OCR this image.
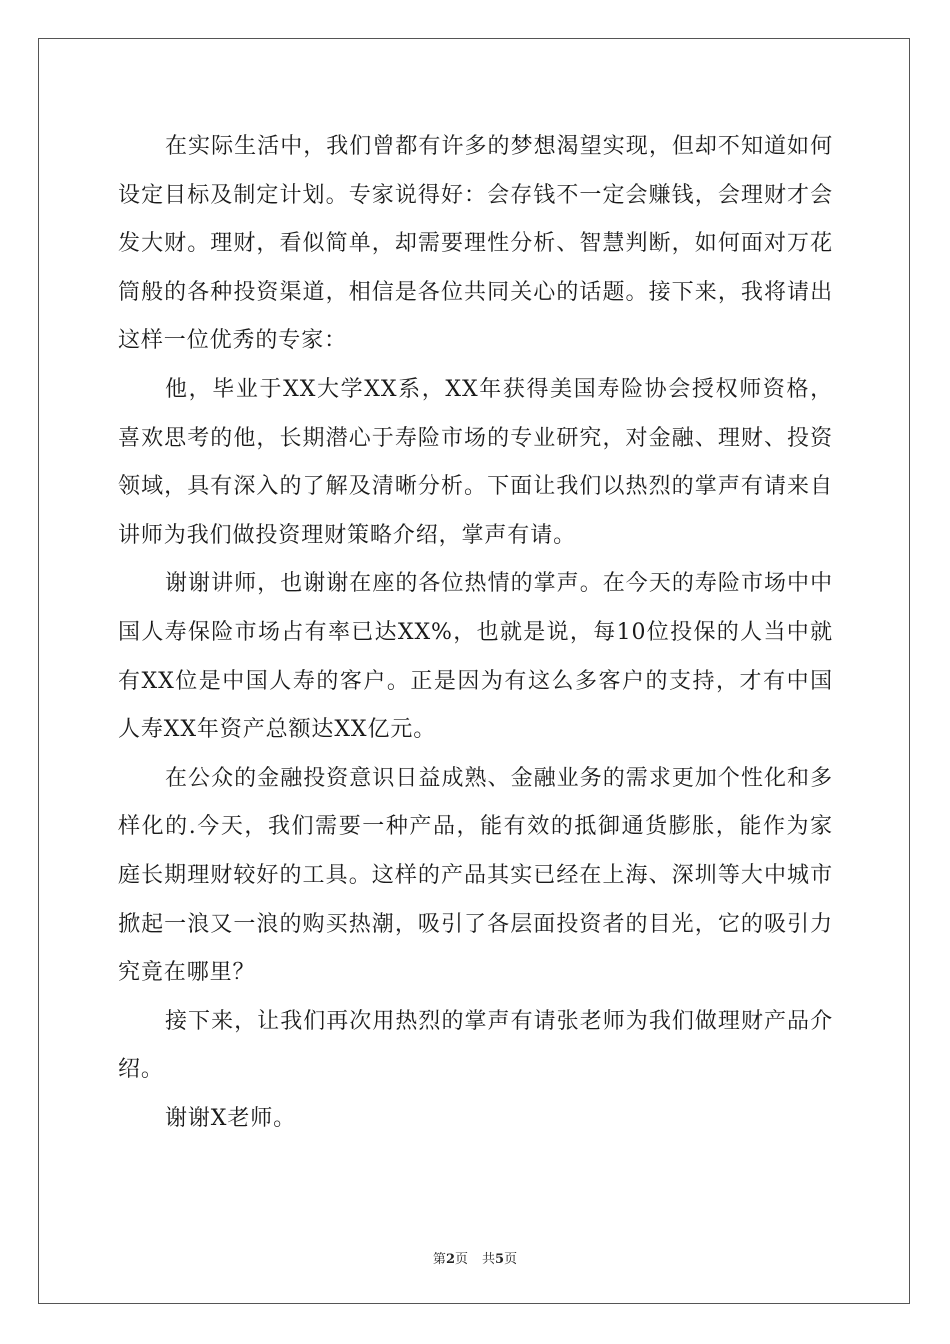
在实际生活中，我们曾都有许多的梦想渴望实现，但却不知道如何设定目标及制定计划。专家说得好：会存钱不一定会赚钱，会理财才会发大财。理财，看似简单，却需要理性分析、智慧判断，如何面对万花筒般的各种投资渠道，相信是各位共同关心的话题。接下来，我将请出这样一位优秀的专家：

他，毕业于XX大学XX系，XX年获得美国寿险协会授权师资格，喜欢思考的他，长期潜心于寿险市场的专业研究，对金融、理财、投资领域，具有深入的了解及清晰分析。下面让我们以热烈的掌声有请来自讲师为我们做投资理财策略介绍，掌声有请。

谢谢讲师，也谢谢在座的各位热情的掌声。在今天的寿险市场中中国人寿保险市场占有率已达XX%，也就是说，每10位投保的人当中就有XX位是中国人寿的客户。正是因为有这么多客户的支持，才有中国人寿XX年资产总额达XX亿元。

在公众的金融投资意识日益成熟、金融业务的需求更加个性化和多样化的.今天，我们需要一种产品，能有效的抵御通货膨胀，能作为家庭长期理财较好的工具。这样的产品其实已经在上海、深圳等大中城市掀起一浪又一浪的购买热潮，吸引了各层面投资者的目光，它的吸引力究竟在哪里？

接下来，让我们再次用热烈的掌声有请张老师为我们做理财产品介绍。

谢谢X老师。

第2页 共5页
